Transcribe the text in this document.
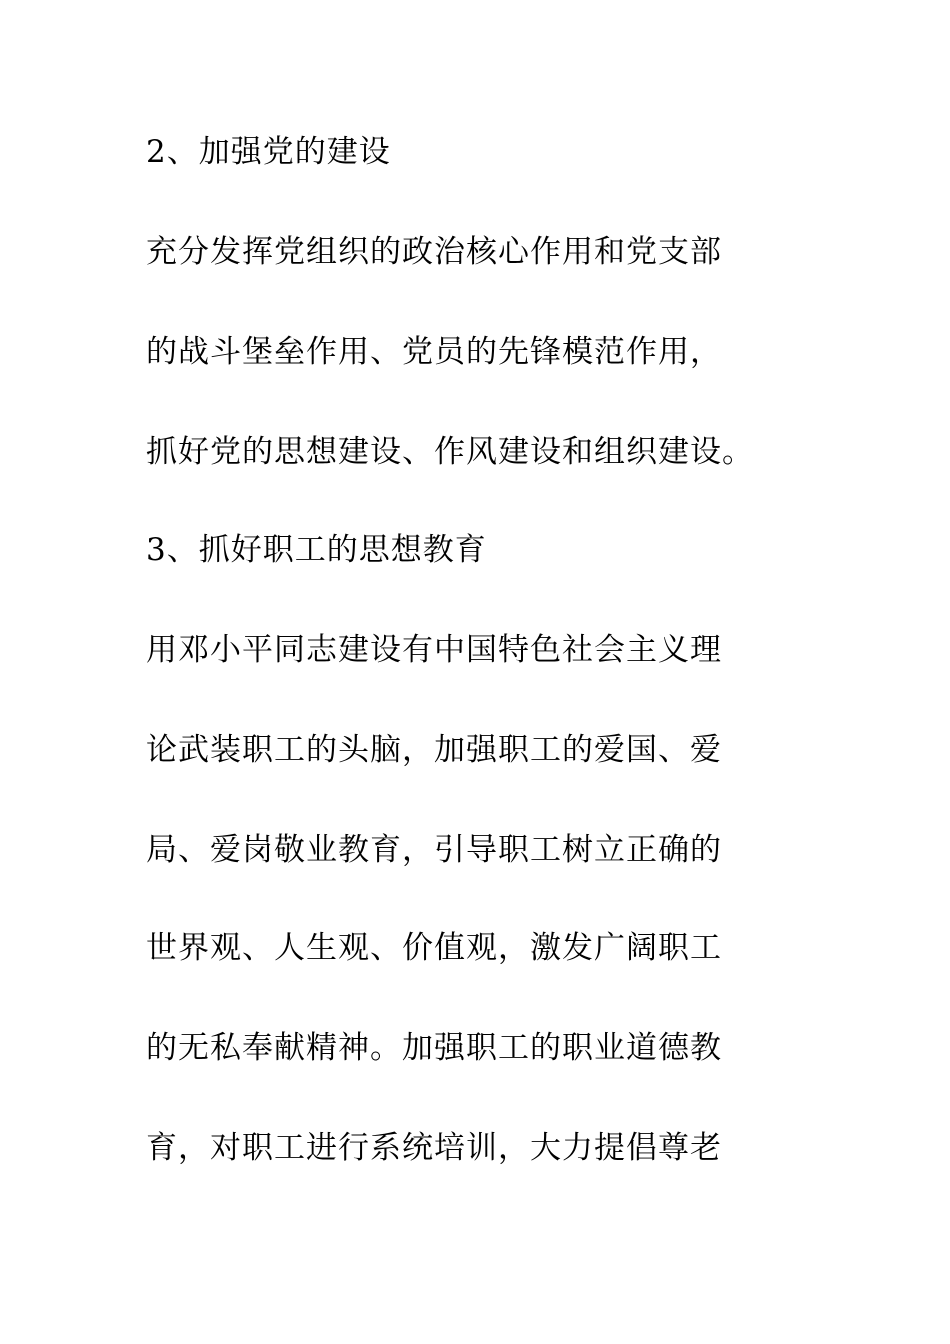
2、加强党的建设
充分发挥党组织的政治核心作用和党支部
的战斗堡垒作用、党员的先锋模范作用，
抓好党的思想建设、作风建设和组织建设。
3、抓好职工的思想教育
用邓小平同志建设有中国特色社会主义理
论武装职工的头脑，加强职工的爱国、爱
局、爱岗敬业教育，引导职工树立正确的
世界观、人生观、价值观，激发广阔职工
的无私奉献精神。加强职工的职业道德教
育，对职工进行系统培训，大力提倡尊老
